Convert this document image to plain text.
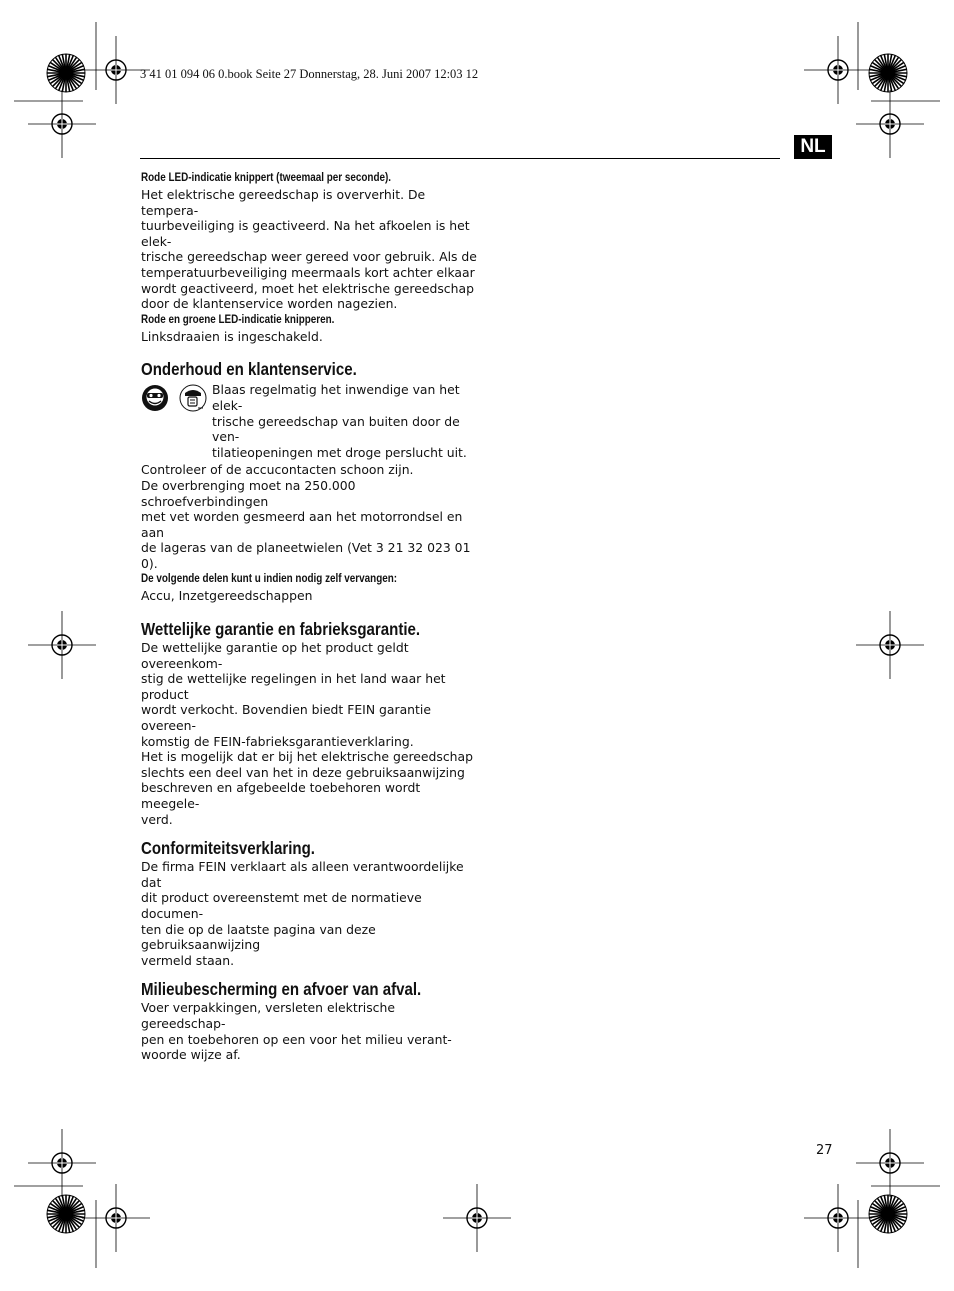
3 41 01 094 06 0.book Seite 27 Donnerstag, 28. Juni 2007 12:03 12
NL
Rode LED-indicatie knippert (tweemaal per seconde).

Het elektrische gereedschap is oververhit. De tempera-
tuurbeveiliging is geactiveerd. Na het afkoelen is het elek-
trische gereedschap weer gereed voor gebruik. Als de
temperatuurbeveiliging meermaals kort achter elkaar
wordt geactiveerd, moet het elektrische gereedschap
door de klantenservice worden nagezien.

Rode en groene LED-indicatie knipperen.

Linksdraaien is ingeschakeld.

Onderhoud en klantenservice.

Blaas regelmatig het inwendige van het elek-
trische gereedschap van buiten door de ven-
tilatieopeningen met droge perslucht uit.

Controleer of de accucontacten schoon zijn.
De overbrenging moet na 250.000 schroefverbindingen
met vet worden gesmeerd aan het motorrondsel en aan
de lageras van de planeetwielen (Vet 3 21 32 023 01 0).

De volgende delen kunt u indien nodig zelf vervangen:

Accu, Inzetgereedschappen

Wettelijke garantie en fabrieksgarantie.

De wettelijke garantie op het product geldt overeenkom-
stig de wettelijke regelingen in het land waar het product
wordt verkocht. Bovendien biedt FEIN garantie overeen-
komstig de FEIN-fabrieksgarantieverklaring.
Het is mogelijk dat er bij het elektrische gereedschap
slechts een deel van het in deze gebruiksaanwijzing
beschreven en afgebeelde toebehoren wordt meegele-
verd.

Conformiteitsverklaring.

De firma FEIN verklaart als alleen verantwoordelijke dat
dit product overeenstemt met de normatieve documen-
ten die op de laatste pagina van deze gebruiksaanwijzing
vermeld staan.

Milieubescherming en afvoer van afval.

Voer verpakkingen, versleten elektrische gereedschap-
pen en toebehoren op een voor het milieu verant-
woorde wijze af.

27
